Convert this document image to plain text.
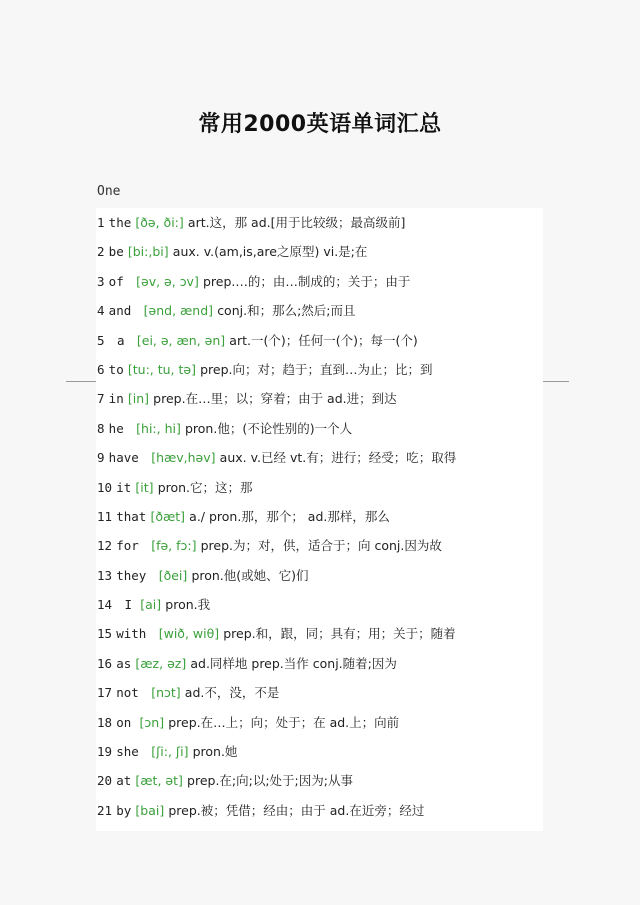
常用2000英语单词汇总
One
1 the [ðə, ði:] art.这，那 ad.[用于比较级；最高级前]
2 be [bi:,bi] aux. v.(am,is,are之原型) vi.是;在
3 of [əv, ə, ɔv] prep.…的；由…制成的；关于；由于
4 and [ənd, ænd] conj.和；那么;然后;而且
5 a [ei, ə, æn, ən] art.一(个)；任何一(个)；每一(个)
6 to [tu:, tu, tə] prep.向；对；趋于；直到…为止；比；到
7 in [in] prep.在…里；以；穿着；由于 ad.进；到达
8 he [hi:, hi] pron.他；(不论性别的)一个人
9 have [hæv,həv] aux. v.已经 vt.有；进行；经受；吃；取得
10 it [it] pron.它；这；那
11 that [ðæt] a./ pron.那，那个； ad.那样，那么
12 for [fə, fɔ:] prep.为；对，供，适合于；向 conj.因为故
13 they [ðei] pron.他(或她、它)们
14 I [ai] pron.我
15 with [wið, wiθ] prep.和，跟，同；具有；用；关于；随着
16 as [æz, əz] ad.同样地 prep.当作 conj.随着;因为
17 not [nɔt] ad.不，没，不是
18 on [ɔn] prep.在…上；向；处于；在 ad.上；向前
19 she [ʃi:, ʃi] pron.她
20 at [æt, ət] prep.在;向;以;处于;因为;从事
21 by [bai] prep.被；凭借；经由；由于 ad.在近旁；经过
